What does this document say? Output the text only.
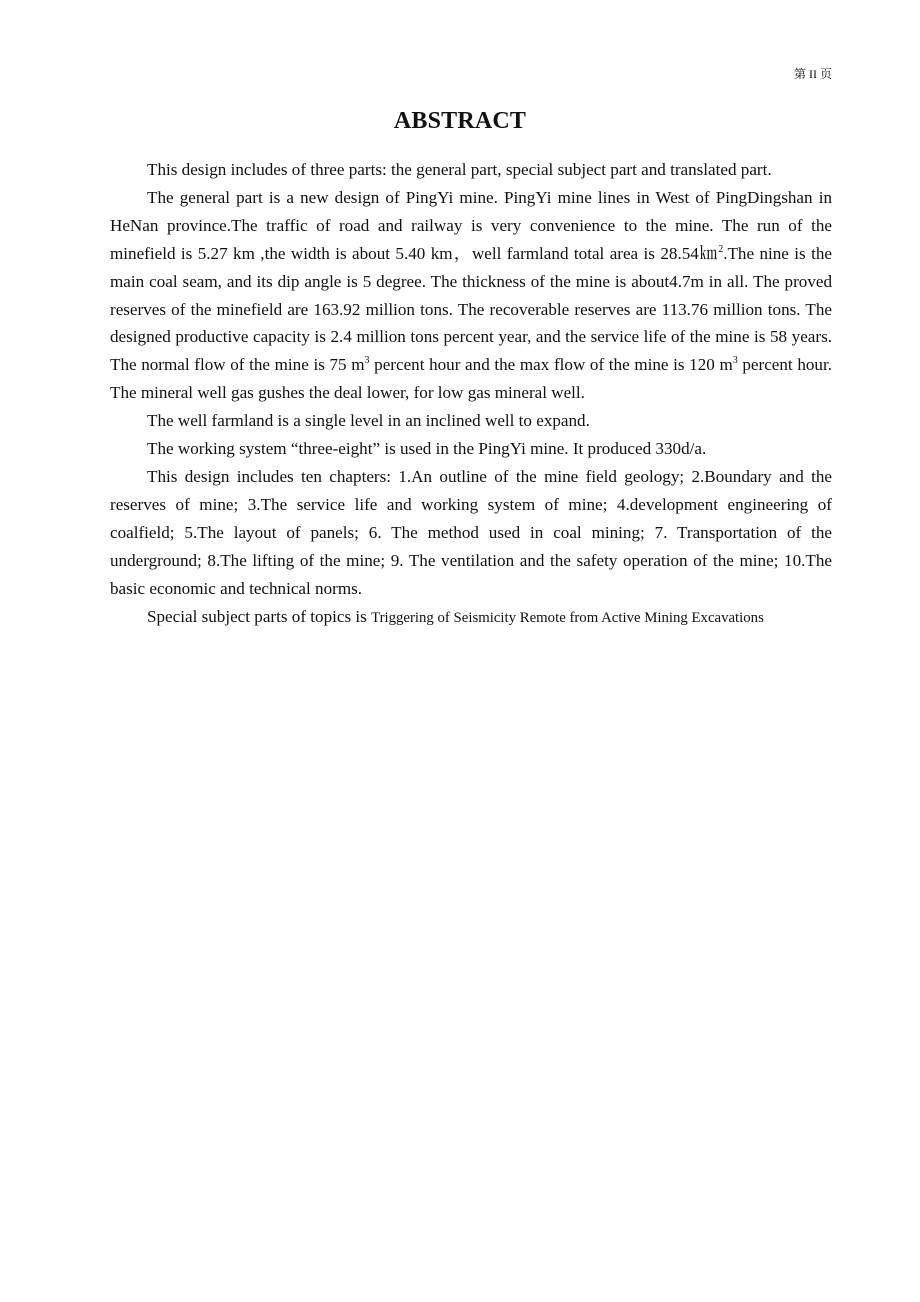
第 II 页
ABSTRACT

This design includes of three parts: the general part, special subject part and translated part.

The general part is a new design of PingYi mine. PingYi mine lines in West of PingDingshan in HeNan province.The traffic of road and railway is very convenience to the mine. The run of the minefield is 5.27 km ,the width is about 5.40 km，well farmland total area is 28.54㎞$^2$.The nine is the main coal seam, and its dip angle is 5 degree. The thickness of the mine is about4.7m in all. The proved reserves of the minefield are 163.92 million tons. The recoverable reserves are 113.76 million tons. The designed productive capacity is 2.4 million tons percent year, and the service life of the mine is 58 years. The normal flow of the mine is 75 $m^3$ percent hour and the max flow of the mine is 120 $m^3$ percent hour. The mineral well gas gushes the deal lower, for low gas mineral well.

The well farmland is a single level in an inclined well to expand.

The working system “three-eight” is used in the PingYi mine. It produced 330d/a.

This design includes ten chapters: 1.An outline of the mine field geology; 2.Boundary and the reserves of mine; 3.The service life and working system of mine; 4.development engineering of coalfield; 5.The layout of panels; 6. The method used in coal mining; 7. Transportation of the underground; 8.The lifting of the mine; 9. The ventilation and the safety operation of the mine; 10.The basic economic and technical norms.

Special subject parts of topics is Triggering of Seismicity Remote from Active Mining Excavations
